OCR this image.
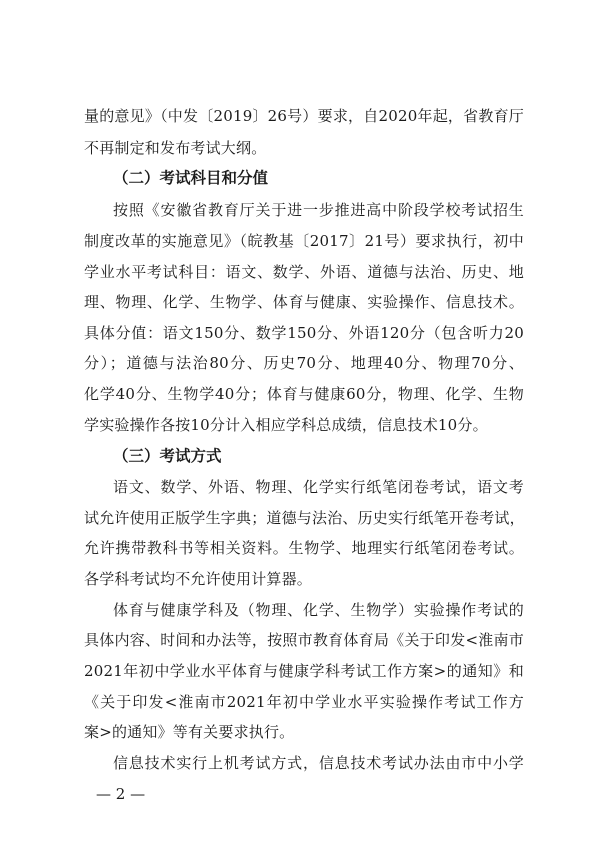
量的意见》（中发〔2019〕26号）要求，自2020年起，省教育厅
不再制定和发布考试大纲。
（二）考试科目和分值
按照《安徽省教育厅关于进一步推进高中阶段学校考试招生
制度改革的实施意见》（皖教基〔2017〕21号）要求执行，初中
学业水平考试科目：语文、数学、外语、道德与法治、历史、地
理、物理、化学、生物学、体育与健康、实验操作、信息技术。
具体分值：语文150分、数学150分、外语120分（包含听力20
分）；道德与法治80分、历史70分、地理40分、物理70分、
化学40分、生物学40分；体育与健康60分，物理、化学、生物
学实验操作各按10分计入相应学科总成绩，信息技术10分。
（三）考试方式
语文、数学、外语、物理、化学实行纸笔闭卷考试，语文考
试允许使用正版学生字典；道德与法治、历史实行纸笔开卷考试，
允许携带教科书等相关资料。生物学、地理实行纸笔闭卷考试。
各学科考试均不允许使用计算器。
体育与健康学科及（物理、化学、生物学）实验操作考试的
具体内容、时间和办法等，按照市教育体育局《关于印发<淮南市
2021年初中学业水平体育与健康学科考试工作方案>的通知》和
《关于印发<淮南市2021年初中学业水平实验操作考试工作方
案>的通知》等有关要求执行。
信息技术实行上机考试方式，信息技术考试办法由市中小学
— 2 —
